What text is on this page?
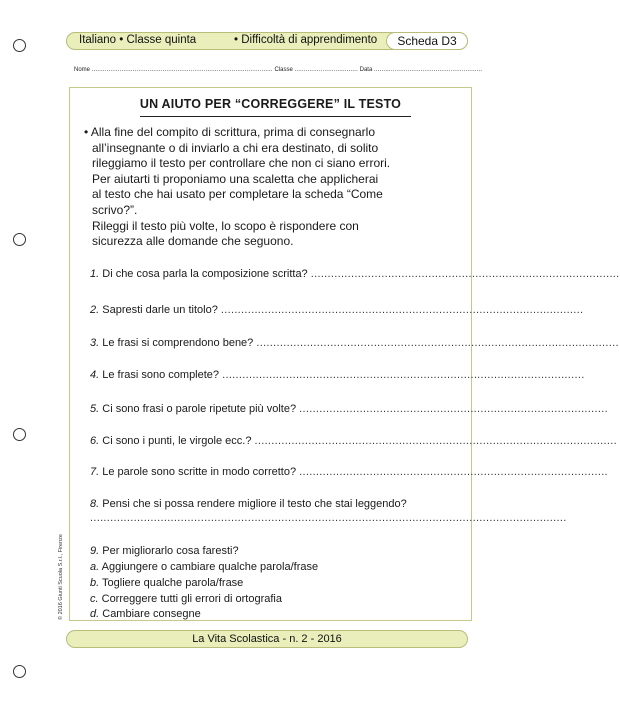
Italiano • Classe quinta	• Difficoltà di apprendimento	Scheda D3
Nome ................................................................................................. Classe .................................. Data ..........................................................
UN AIUTO PER “CORREGGERE” IL TESTO
• Alla fine del compito di scrittura, prima di consegnarlo
all’insegnante o di inviarlo a chi era destinato, di solito
rileggiamo il testo per controllare che non ci siano errori.
Per aiutarti ti proponiamo una scaletta che applicherai
al testo che hai usato per completare la scheda “Come
scrivo?”.
Rileggi il testo più volte, lo scopo è rispondere con
sicurezza alle domande che seguono.
1. Di che cosa parla la composizione scritta? ............................................................................................
2. Sapresti darle un titolo? ............................................................................................................
3. Le frasi si comprendono bene? ............................................................................................................
4. Le frasi sono complete? ............................................................................................................
5. Ci sono frasi o parole ripetute più volte? ............................................................................................
6. Ci sono i punti, le virgole ecc.? ............................................................................................................
7. Le parole sono scritte in modo corretto? ............................................................................................
8. Pensi che si possa rendere migliore il testo che stai leggendo?
..............................................................................................................................................
9. Per migliorarlo cosa faresti?
a. Aggiungere o cambiare qualche parola/frase
b. Togliere qualche parola/frase
c. Correggere tutti gli errori di ortografia
d. Cambiare consegne
© 2016 Giunti Scuola S.r.l., Firenze
La Vita Scolastica - n. 2 - 2016
